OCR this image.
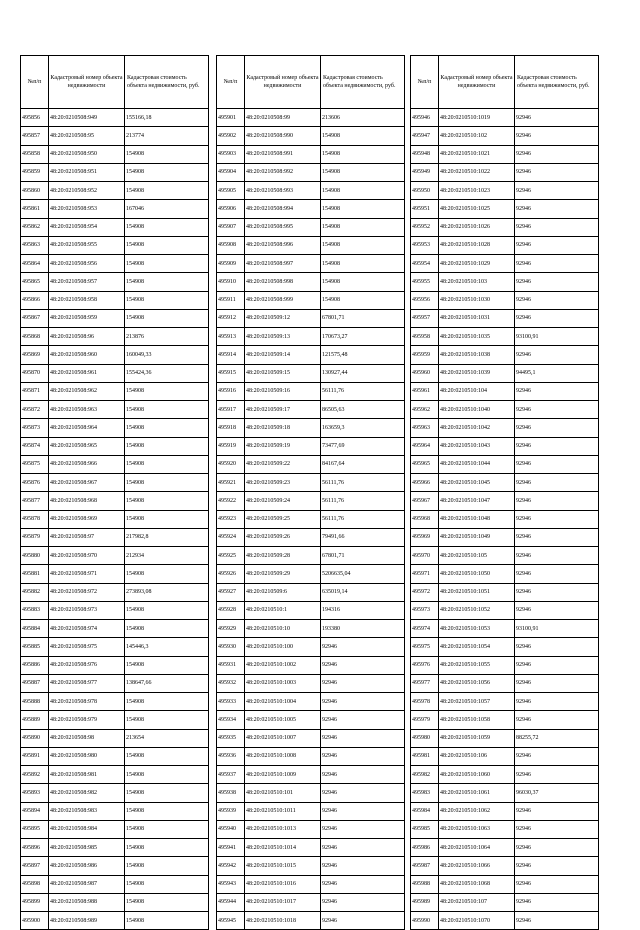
№п/п	Кадастровый номер объекта недвижимости	Кадастровая стоимость объекта недвижимости, руб.
495856	48:20:0210508:949	155166,18
495857	48:20:0210508:95	213774
495858	48:20:0210508:950	154908
495859	48:20:0210508:951	154908
495860	48:20:0210508:952	154908
495861	48:20:0210508:953	167046
495862	48:20:0210508:954	154908
495863	48:20:0210508:955	154908
495864	48:20:0210508:956	154908
495865	48:20:0210508:957	154908
495866	48:20:0210508:958	154908
495867	48:20:0210508:959	154908
495868	48:20:0210508:96	213876
495869	48:20:0210508:960	160049,33
495870	48:20:0210508:961	155424,36
495871	48:20:0210508:962	154908
495872	48:20:0210508:963	154908
495873	48:20:0210508:964	154908
495874	48:20:0210508:965	154908
495875	48:20:0210508:966	154908
495876	48:20:0210508:967	154908
495877	48:20:0210508:968	154908
495878	48:20:0210508:969	154908
495879	48:20:0210508:97	217982,8
495880	48:20:0210508:970	212934
495881	48:20:0210508:971	154908
495882	48:20:0210508:972	273893,08
495883	48:20:0210508:973	154908
495884	48:20:0210508:974	154908
495885	48:20:0210508:975	145446,3
495886	48:20:0210508:976	154908
495887	48:20:0210508:977	138647,66
495888	48:20:0210508:978	154908
495889	48:20:0210508:979	154908
495890	48:20:0210508:98	213654
495891	48:20:0210508:980	154908
495892	48:20:0210508:981	154908
495893	48:20:0210508:982	154908
495894	48:20:0210508:983	154908
495895	48:20:0210508:984	154908
495896	48:20:0210508:985	154908
495897	48:20:0210508:986	154908
495898	48:20:0210508:987	154908
495899	48:20:0210508:988	154908
495900	48:20:0210508:989	154908
№п/п	Кадастровый номер объекта недвижимости	Кадастровая стоимость объекта недвижимости, руб.
495901	48:20:0210508:99	213606
495902	48:20:0210508:990	154908
495903	48:20:0210508:991	154908
495904	48:20:0210508:992	154908
495905	48:20:0210508:993	154908
495906	48:20:0210508:994	154908
495907	48:20:0210508:995	154908
495908	48:20:0210508:996	154908
495909	48:20:0210508:997	154908
495910	48:20:0210508:998	154908
495911	48:20:0210508:999	154908
495912	48:20:0210509:12	67801,71
495913	48:20:0210509:13	170673,27
495914	48:20:0210509:14	121575,48
495915	48:20:0210509:15	130927,44
495916	48:20:0210509:16	56111,76
495917	48:20:0210509:17	86505,63
495918	48:20:0210509:18	163659,3
495919	48:20:0210509:19	73477,69
495920	48:20:0210509:22	84167,64
495921	48:20:0210509:23	56111,76
495922	48:20:0210509:24	56111,76
495923	48:20:0210509:25	56111,76
495924	48:20:0210509:26	79491,66
495925	48:20:0210509:28	67801,71
495926	48:20:0210509:29	5206635,04
495927	48:20:0210509:6	635019,14
495928	48:20:0210510:1	194316
495929	48:20:0210510:10	193380
495930	48:20:0210510:100	92946
495931	48:20:0210510:1002	92946
495932	48:20:0210510:1003	92946
495933	48:20:0210510:1004	92946
495934	48:20:0210510:1005	92946
495935	48:20:0210510:1007	92946
495936	48:20:0210510:1008	92946
495937	48:20:0210510:1009	92946
495938	48:20:0210510:101	92946
495939	48:20:0210510:1011	92946
495940	48:20:0210510:1013	92946
495941	48:20:0210510:1014	92946
495942	48:20:0210510:1015	92946
495943	48:20:0210510:1016	92946
495944	48:20:0210510:1017	92946
495945	48:20:0210510:1018	92946
№п/п	Кадастровый номер объекта недвижимости	Кадастровая стоимость объекта недвижимости, руб.
495946	48:20:0210510:1019	92946
495947	48:20:0210510:102	92946
495948	48:20:0210510:1021	92946
495949	48:20:0210510:1022	92946
495950	48:20:0210510:1023	92946
495951	48:20:0210510:1025	92946
495952	48:20:0210510:1026	92946
495953	48:20:0210510:1028	92946
495954	48:20:0210510:1029	92946
495955	48:20:0210510:103	92946
495956	48:20:0210510:1030	92946
495957	48:20:0210510:1031	92946
495958	48:20:0210510:1035	93100,91
495959	48:20:0210510:1038	92946
495960	48:20:0210510:1039	94495,1
495961	48:20:0210510:104	92946
495962	48:20:0210510:1040	92946
495963	48:20:0210510:1042	92946
495964	48:20:0210510:1043	92946
495965	48:20:0210510:1044	92946
495966	48:20:0210510:1045	92946
495967	48:20:0210510:1047	92946
495968	48:20:0210510:1048	92946
495969	48:20:0210510:1049	92946
495970	48:20:0210510:105	92946
495971	48:20:0210510:1050	92946
495972	48:20:0210510:1051	92946
495973	48:20:0210510:1052	92946
495974	48:20:0210510:1053	93100,91
495975	48:20:0210510:1054	92946
495976	48:20:0210510:1055	92946
495977	48:20:0210510:1056	92946
495978	48:20:0210510:1057	92946
495979	48:20:0210510:1058	92946
495980	48:20:0210510:1059	88255,72
495981	48:20:0210510:106	92946
495982	48:20:0210510:1060	92946
495983	48:20:0210510:1061	96030,37
495984	48:20:0210510:1062	92946
495985	48:20:0210510:1063	92946
495986	48:20:0210510:1064	92946
495987	48:20:0210510:1066	92946
495988	48:20:0210510:1068	92946
495989	48:20:0210510:107	92946
495990	48:20:0210510:1070	92946
